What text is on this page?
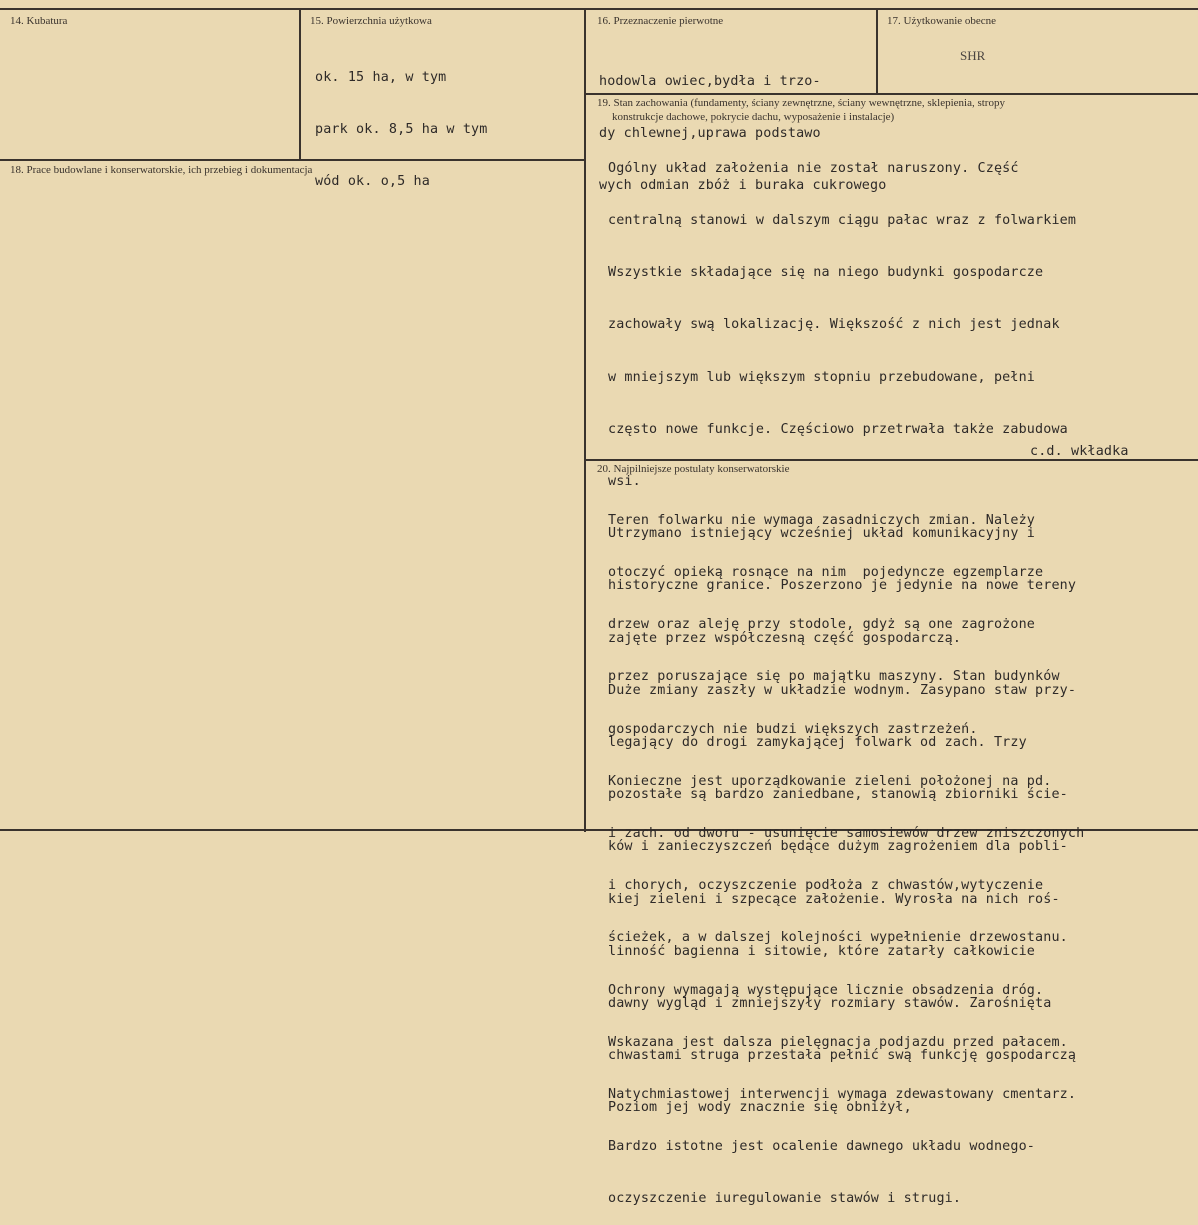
14. Kubatura	15. Powierzchnia użytkowa

ok. 15 ha, w tym

park ok. 8,5 ha w tym

wód ok. o,5 ha

16. Przeznaczenie pierwotne

hodowla owiec,bydła i trzo-

dy chlewnej,uprawa podstawo

wych odmian zbóż i buraka cukrowego

17. Użytkowanie obecne
SHR
18. Prace budowlane i konserwatorskie, ich przebieg i dokumentacja
19. Stan zachowania (fundamenty, ściany zewnętrzne, ściany wewnętrzne, sklepienia, stropy
konstrukcje dachowe, pokrycie dachu, wyposażenie i instalacje)

Ogólny układ założenia nie został naruszony. Część

centralną stanowi w dalszym ciągu pałac wraz z folwarkiem

Wszystkie składające się na niego budynki gospodarcze

zachowały swą lokalizację. Większość z nich jest jednak

w mniejszym lub większym stopniu przebudowane, pełni

często nowe funkcje. Częściowo przetrwała także zabudowa

wsi.

Utrzymano istniejący wcześniej układ komunikacyjny i

historyczne granice. Poszerzono je jedynie na nowe tereny

zajęte przez współczesną część gospodarczą.

Duże zmiany zaszły w układzie wodnym. Zasypano staw przy-

legający do drogi zamykającej folwark od zach. Trzy

pozostałe są bardzo zaniedbane, stanowią zbiorniki ście-

ków i zanieczyszczeń będące dużym zagrożeniem dla pobli-

kiej zieleni i szpecące założenie. Wyrosła na nich roś-

linność bagienna i sitowie, które zatarły całkowicie

dawny wygląd i zmniejszyły rozmiary stawów. Zarośnięta

chwastami struga przestała pełnić swą funkcję gospodarczą

Poziom jej wody znacznie się obniżył,

c.d. wkładka
20. Najpilniejsze postulaty konserwatorskie

Teren folwarku nie wymaga zasadniczych zmian. Należy

otoczyć opieką rosnące na nim  pojedyncze egzemplarze

drzew oraz aleję przy stodole, gdyż są one zagrożone

przez poruszające się po majątku maszyny. Stan budynków

gospodarczych nie budzi większych zastrzeżeń.

Konieczne jest uporządkowanie zieleni położonej na pd.

i zach. od dworu - usunięcie samosiewów drzew zniszczonych

i chorych, oczyszczenie podłoża z chwastów,wytyczenie

ścieżek, a w dalszej kolejności wypełnienie drzewostanu.

Ochrony wymagają występujące licznie obsadzenia dróg.

Wskazana jest dalsza pielęgnacja podjazdu przed pałacem.

Natychmiastowej interwencji wymaga zdewastowany cmentarz.

Bardzo istotne jest ocalenie dawnego układu wodnego-

oczyszczenie iuregulowanie stawów i strugi.
